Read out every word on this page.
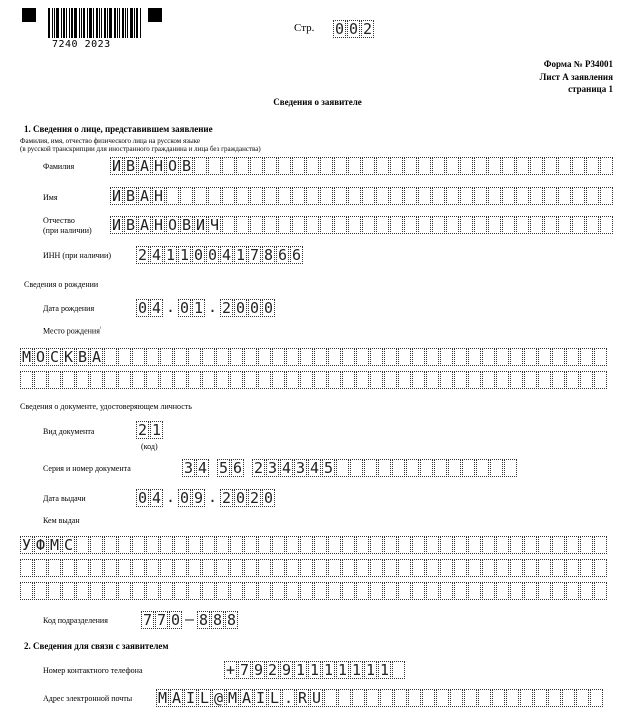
7240 2023
Стр. 0 0 2
Форма № Р34001
Лист А заявления
страница 1
Сведения о заявителе
1. Сведения о лице, представившем заявление
Фамилия, имя, отчество физического лица на русском языке
(в русской транскрипции для иностранного гражданина и лица без гражданства)
Фамилия	И В А Н О В
Имя	И В А Н
Отчество
(при наличии) И В А Н О В И Ч
ИНН (при наличии) 2 4 1 1 0 0 4 1 7 8 6 6
Сведения о рождении
Дата рождения	0 4 . 0 1 . 2 0 0 0
Место рождения$^{^1}$
М О С К В А
Сведения о документе, удостоверяющем личность
Вид документа	2 1
(код)
Серия и номер документа	3 4 5 6 2 3 4 3 4 5
Дата выдачи	0 4 . 0 9 . 2 0 2 0
Кем выдан
У Ф М С
Код подразделения 7 7 0 – 8 8 8
2. Сведения для связи с заявителем
Номер контактного телефона	+ 7 9 2 9 1 1 1 1 1 1 1
Адрес электронной почты M A I L @ M A I L . R U
